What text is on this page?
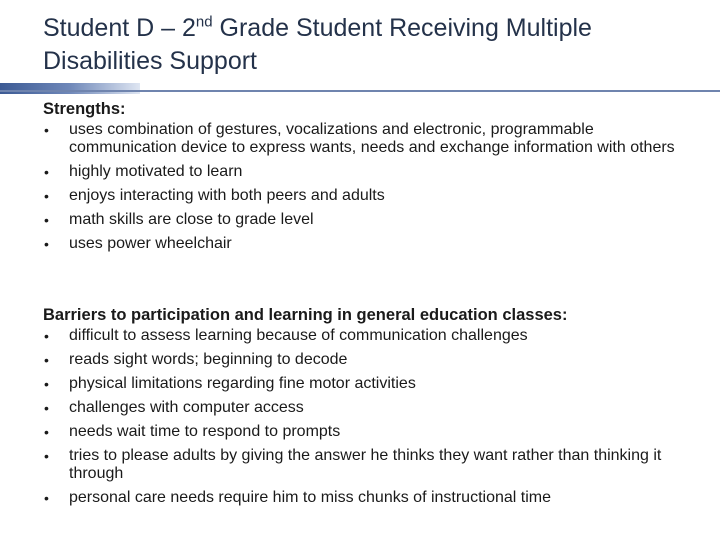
Student D – 2nd Grade Student Receiving Multiple Disabilities Support

Strengths:

• uses combination of gestures, vocalizations and electronic, programmable communication device to express wants, needs and exchange information with others
• highly motivated to learn
• enjoys interacting with both peers and adults
• math skills are close to grade level
• uses power wheelchair

Barriers to participation and learning in general education classes:

• difficult to assess learning because of communication challenges
• reads sight words; beginning to decode
• physical limitations regarding fine motor activities
• challenges with computer access
• needs wait time to respond to prompts
• tries to please adults by giving the answer he thinks they want rather than thinking it through
• personal care needs require him to miss chunks of instructional time
